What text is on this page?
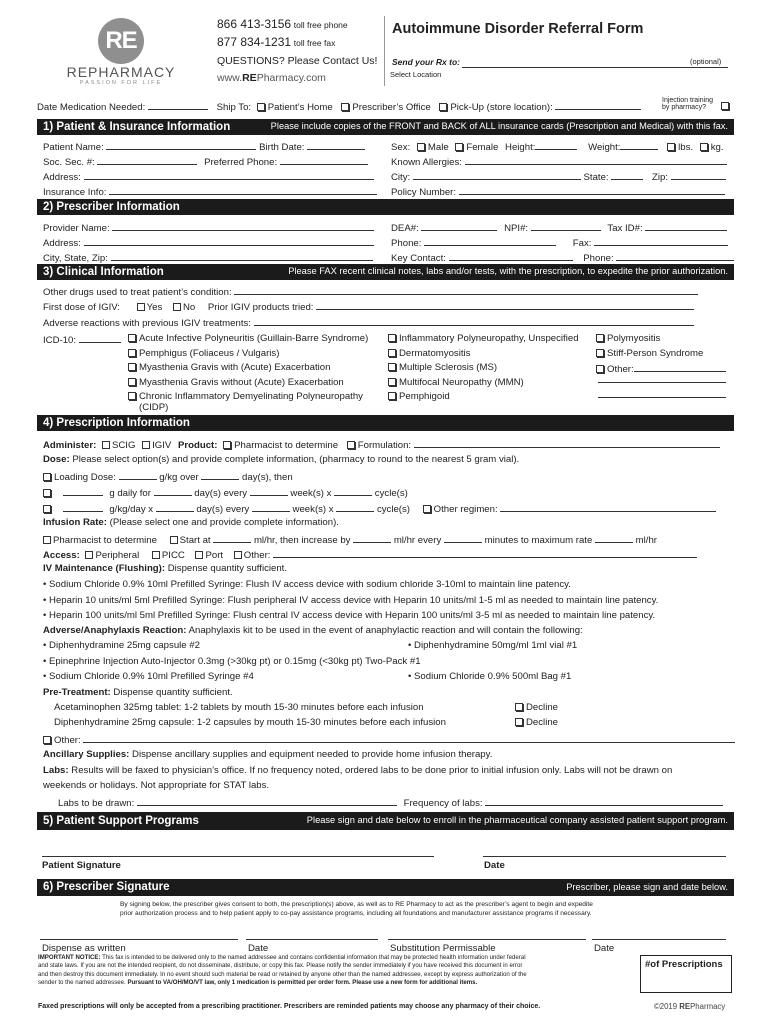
RE
REPHARMACY
PASSION FOR LIFE
866 413-3156 toll free phone
877 834-1231 toll free fax
QUESTIONS? Please Contact Us!
www.REPharmacy.com
Autoimmune Disorder Referral Form
Send your Rx to:	(optional)
Select Location
Date Medication Needed:	Ship To: Patient’s Home Prescriber’s Office Pick-Up (store location):
Injection training
by pharmacy?
1) Patient & Insurance Information	Please include copies of the FRONT and BACK of ALL insurance cards (Prescription and Medical) with this fax.
Patient Name:	Birth Date:	Sex: Male Female Height:	Weight:	lbs. kg.
Soc. Sec. #:	Preferred Phone:	Known Allergies:
Address:	City:	State:	Zip:
Insurance Info:	Policy Number:
2) Prescriber Information
Provider Name:	DEA#:	NPI#:	Tax ID#:
Address:	Phone:	Fax:
City, State, Zip:	Key Contact:	Phone:
3) Clinical Information	Please FAX recent clinical notes, labs and/or tests, with the prescription, to expedite the prior authorization.
Other drugs used to treat patient’s condition:
First dose of IGIV:	Yes No Prior IGIV products tried:
Adverse reactions with previous IGIV treatments:
ICD-10:	Acute Infective Polyneuritis (Guillain-Barre Syndrome)
Pemphigus (Foliaceus / Vulgaris)
Myasthenia Gravis with (Acute) Exacerbation
Myasthenia Gravis without (Acute) Exacerbation
Chronic Inflammatory Demyelinating Polyneuropathy
(CIDP)
Inflammatory Polyneuropathy, Unspecified
Dermatomyositis
Multiple Sclerosis (MS)
Multifocal Neuropathy (MMN)
Pemphigoid
Polymyositis
Stiff-Person Syndrome
Other:
4) Prescription Information
Administer: SCIG IGIV Product: Pharmacist to determine Formulation:
Dose: Please select option(s) and provide complete information, (pharmacy to round to the nearest 5 gram vial).
Loading Dose:	g/kg over	day(s), then
g daily for	day(s) every	week(s) x	cycle(s)
g/kg/day x	day(s) every	week(s) x	cycle(s) Other regimen:
Infusion Rate: (Please select one and provide complete information).
Pharmacist to determine Start at	ml/hr, then increase by	ml/hr every	minutes to maximum rate	ml/hr
Access: Peripheral PICC Port Other:
IV Maintenance (Flushing): Dispense quantity sufficient.
• Sodium Chloride 0.9% 10ml Prefilled Syringe: Flush IV access device with sodium chloride 3-10ml to maintain line patency.
• Heparin 10 units/ml 5ml Prefilled Syringe: Flush peripheral IV access device with Heparin 10 units/ml 1-5 ml as needed to maintain line patency.
• Heparin 100 units/ml 5ml Prefilled Syringe: Flush central IV access device with Heparin 100 units/ml 3-5 ml as needed to maintain line patency.
Adverse/Anaphylaxis Reaction: Anaphylaxis kit to be used in the event of anaphylactic reaction and will contain the following:
• Diphenhydramine 25mg capsule #2	• Diphenhydramine 50mg/ml 1ml vial #1
• Epinephrine Injection Auto-Injector 0.3mg (>30kg pt) or 0.15mg (<30kg pt) Two-Pack #1
• Sodium Chloride 0.9% 10ml Prefilled Syringe #4	• Sodium Chloride 0.9% 500ml Bag #1
Pre-Treatment: Dispense quantity sufficient.
Acetaminophen 325mg tablet: 1-2 tablets by mouth 15-30 minutes before each infusion	Decline
Diphenhydramine 25mg capsule: 1-2 capsules by mouth 15-30 minutes before each infusion	Decline
Other:
Ancillary Supplies: Dispense ancillary supplies and equipment needed to provide home infusion therapy.
Labs: Results will be faxed to physician’s office. If no frequency noted, ordered labs to be done prior to initial infusion only. Labs will not be drawn on
weekends or holidays. Not appropriate for STAT labs.
Labs to be drawn:	Frequency of labs:
5) Patient Support Programs	Please sign and date below to enroll in the pharmaceutical company assisted patient support program.
Patient Signature	Date
6) Prescriber Signature	Prescriber, please sign and date below.
By signing below, the prescriber gives consent to both, the prescription(s) above, as well as to RE Pharmacy to act as the prescriber’s agent to begin and expedite
prior authorization process and to help patient apply to co-pay assistance programs, including all foundations and manufacturer assistance programs if necessary.
Dispense as written	Date	Substitution Permissable	Date
IMPORTANT NOTICE: This fax is intended to be delivered only to the named addressee and contains confidential information that may be protected health information under federal
and state laws. If you are not the intended recipient, do not disseminate, distribute, or copy this fax. Please notify the sender immediately if you have received this document in error
and then destroy this document immediately. In no event should such material be read or retained by anyone other than the named addressee, except by express authorization of the
sender to the named addressee. Pursuant to VA/OH/MO/VT law, only 1 medication is permitted per order form. Please use a new form for additional items.
#of Prescriptions
Faxed prescriptions will only be accepted from a prescribing practitioner. Prescribers are reminded patients may choose any pharmacy of their choice.	©2019 REPharmacy
